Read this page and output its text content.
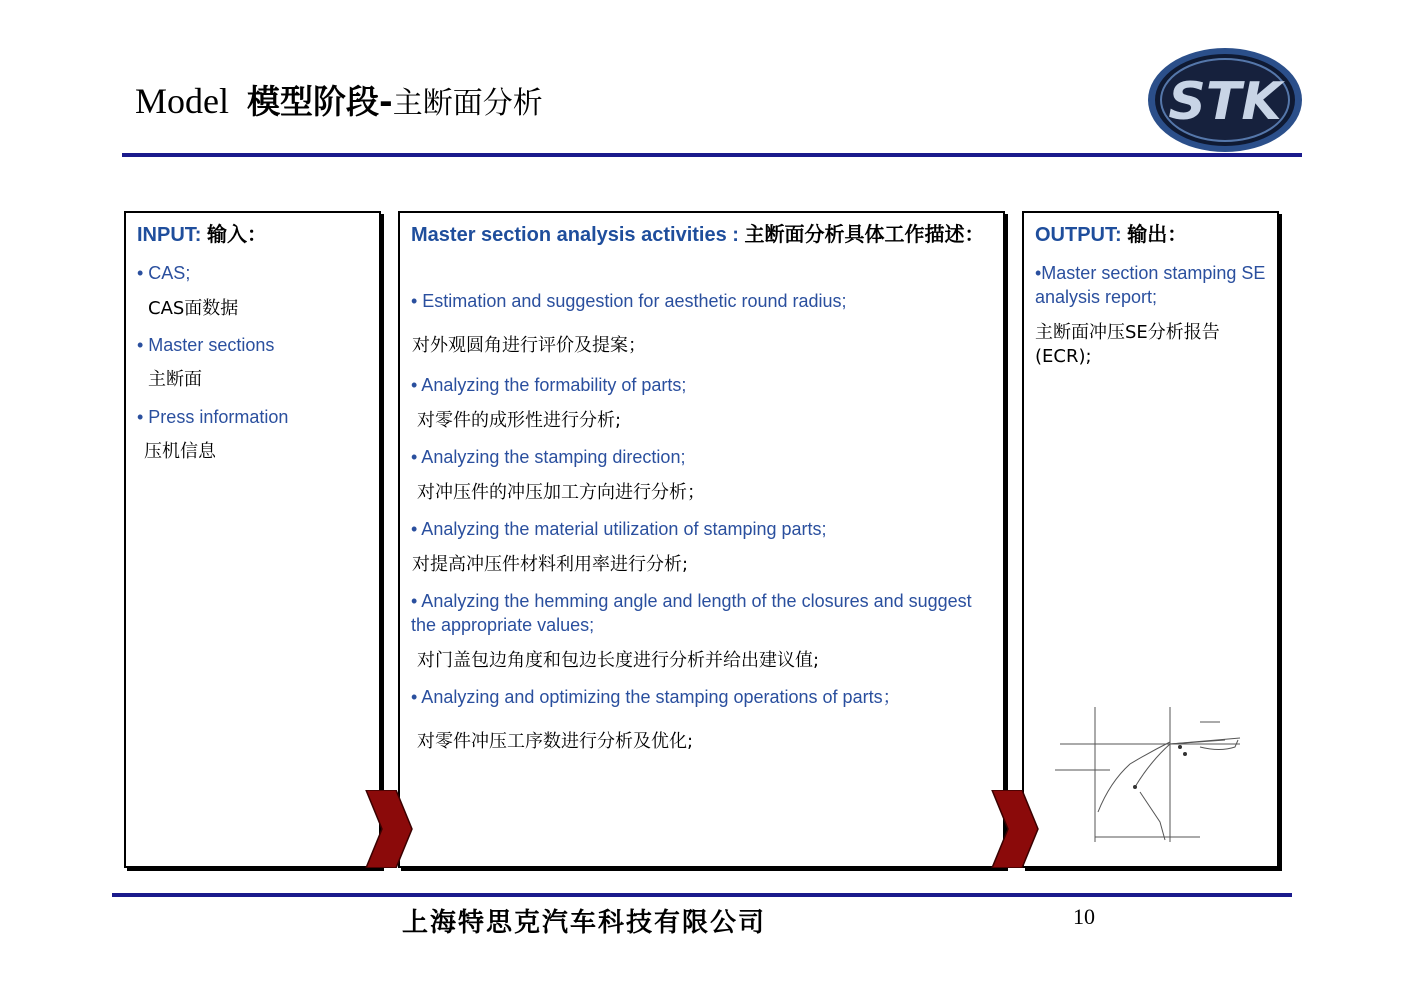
Model 模型阶段-主断面分析	STK
INPUT: 输入：
• CAS;
CAS面数据
• Master sections
主断面
• Press information
压机信息
Master section analysis activities : 主断面分析具体工作描述：
• Estimation and suggestion for aesthetic round radius;
对外观圆角进行评价及提案；
• Analyzing the formability of parts;
对零件的成形性进行分析;
• Analyzing the stamping direction;
对冲压件的冲压加工方向进行分析；
• Analyzing the material utilization of stamping parts;
对提高冲压件材料利用率进行分析;
• Analyzing the hemming angle and length of the closures and suggest the appropriate values;
对门盖包边角度和包边长度进行分析并给出建议值;
• Analyzing and optimizing the stamping operations of parts；
对零件冲压工序数进行分析及优化;
OUTPUT: 输出：
•Master section stamping SE analysis report;
主断面冲压SE分析报告(ECR);
上海特思克汽车科技有限公司	10
